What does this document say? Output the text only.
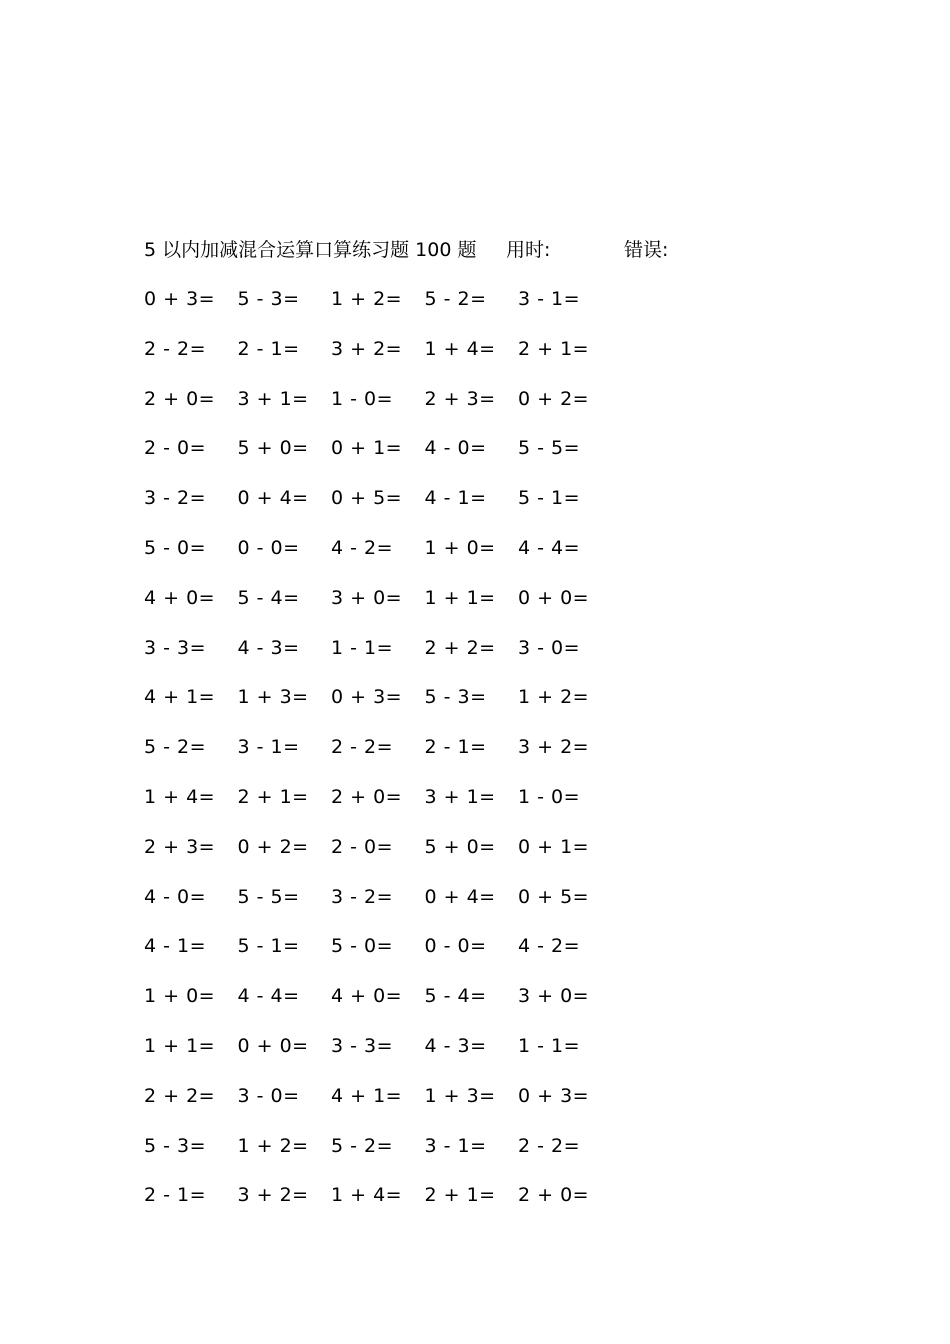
5 以内加减混合运算口算练习题 100 题 用时:	错误:
0 + 3= 5 - 3= 1 + 2= 5 - 2= 3 - 1=
2 - 2= 2 - 1= 3 + 2= 1 + 4= 2 + 1=
2 + 0= 3 + 1= 1 - 0= 2 + 3= 0 + 2=
2 - 0= 5 + 0= 0 + 1= 4 - 0= 5 - 5=
3 - 2= 0 + 4= 0 + 5= 4 - 1= 5 - 1=
5 - 0= 0 - 0= 4 - 2= 1 + 0= 4 - 4=
4 + 0= 5 - 4= 3 + 0= 1 + 1= 0 + 0=
3 - 3= 4 - 3= 1 - 1= 2 + 2= 3 - 0=
4 + 1= 1 + 3= 0 + 3= 5 - 3= 1 + 2=
5 - 2= 3 - 1= 2 - 2= 2 - 1= 3 + 2=
1 + 4= 2 + 1= 2 + 0= 3 + 1= 1 - 0=
2 + 3= 0 + 2= 2 - 0= 5 + 0= 0 + 1=
4 - 0= 5 - 5= 3 - 2= 0 + 4= 0 + 5=
4 - 1= 5 - 1= 5 - 0= 0 - 0= 4 - 2=
1 + 0= 4 - 4= 4 + 0= 5 - 4= 3 + 0=
1 + 1= 0 + 0= 3 - 3= 4 - 3= 1 - 1=
2 + 2= 3 - 0= 4 + 1= 1 + 3= 0 + 3=
5 - 3= 1 + 2= 5 - 2= 3 - 1= 2 - 2=
2 - 1= 3 + 2= 1 + 4= 2 + 1= 2 + 0=
